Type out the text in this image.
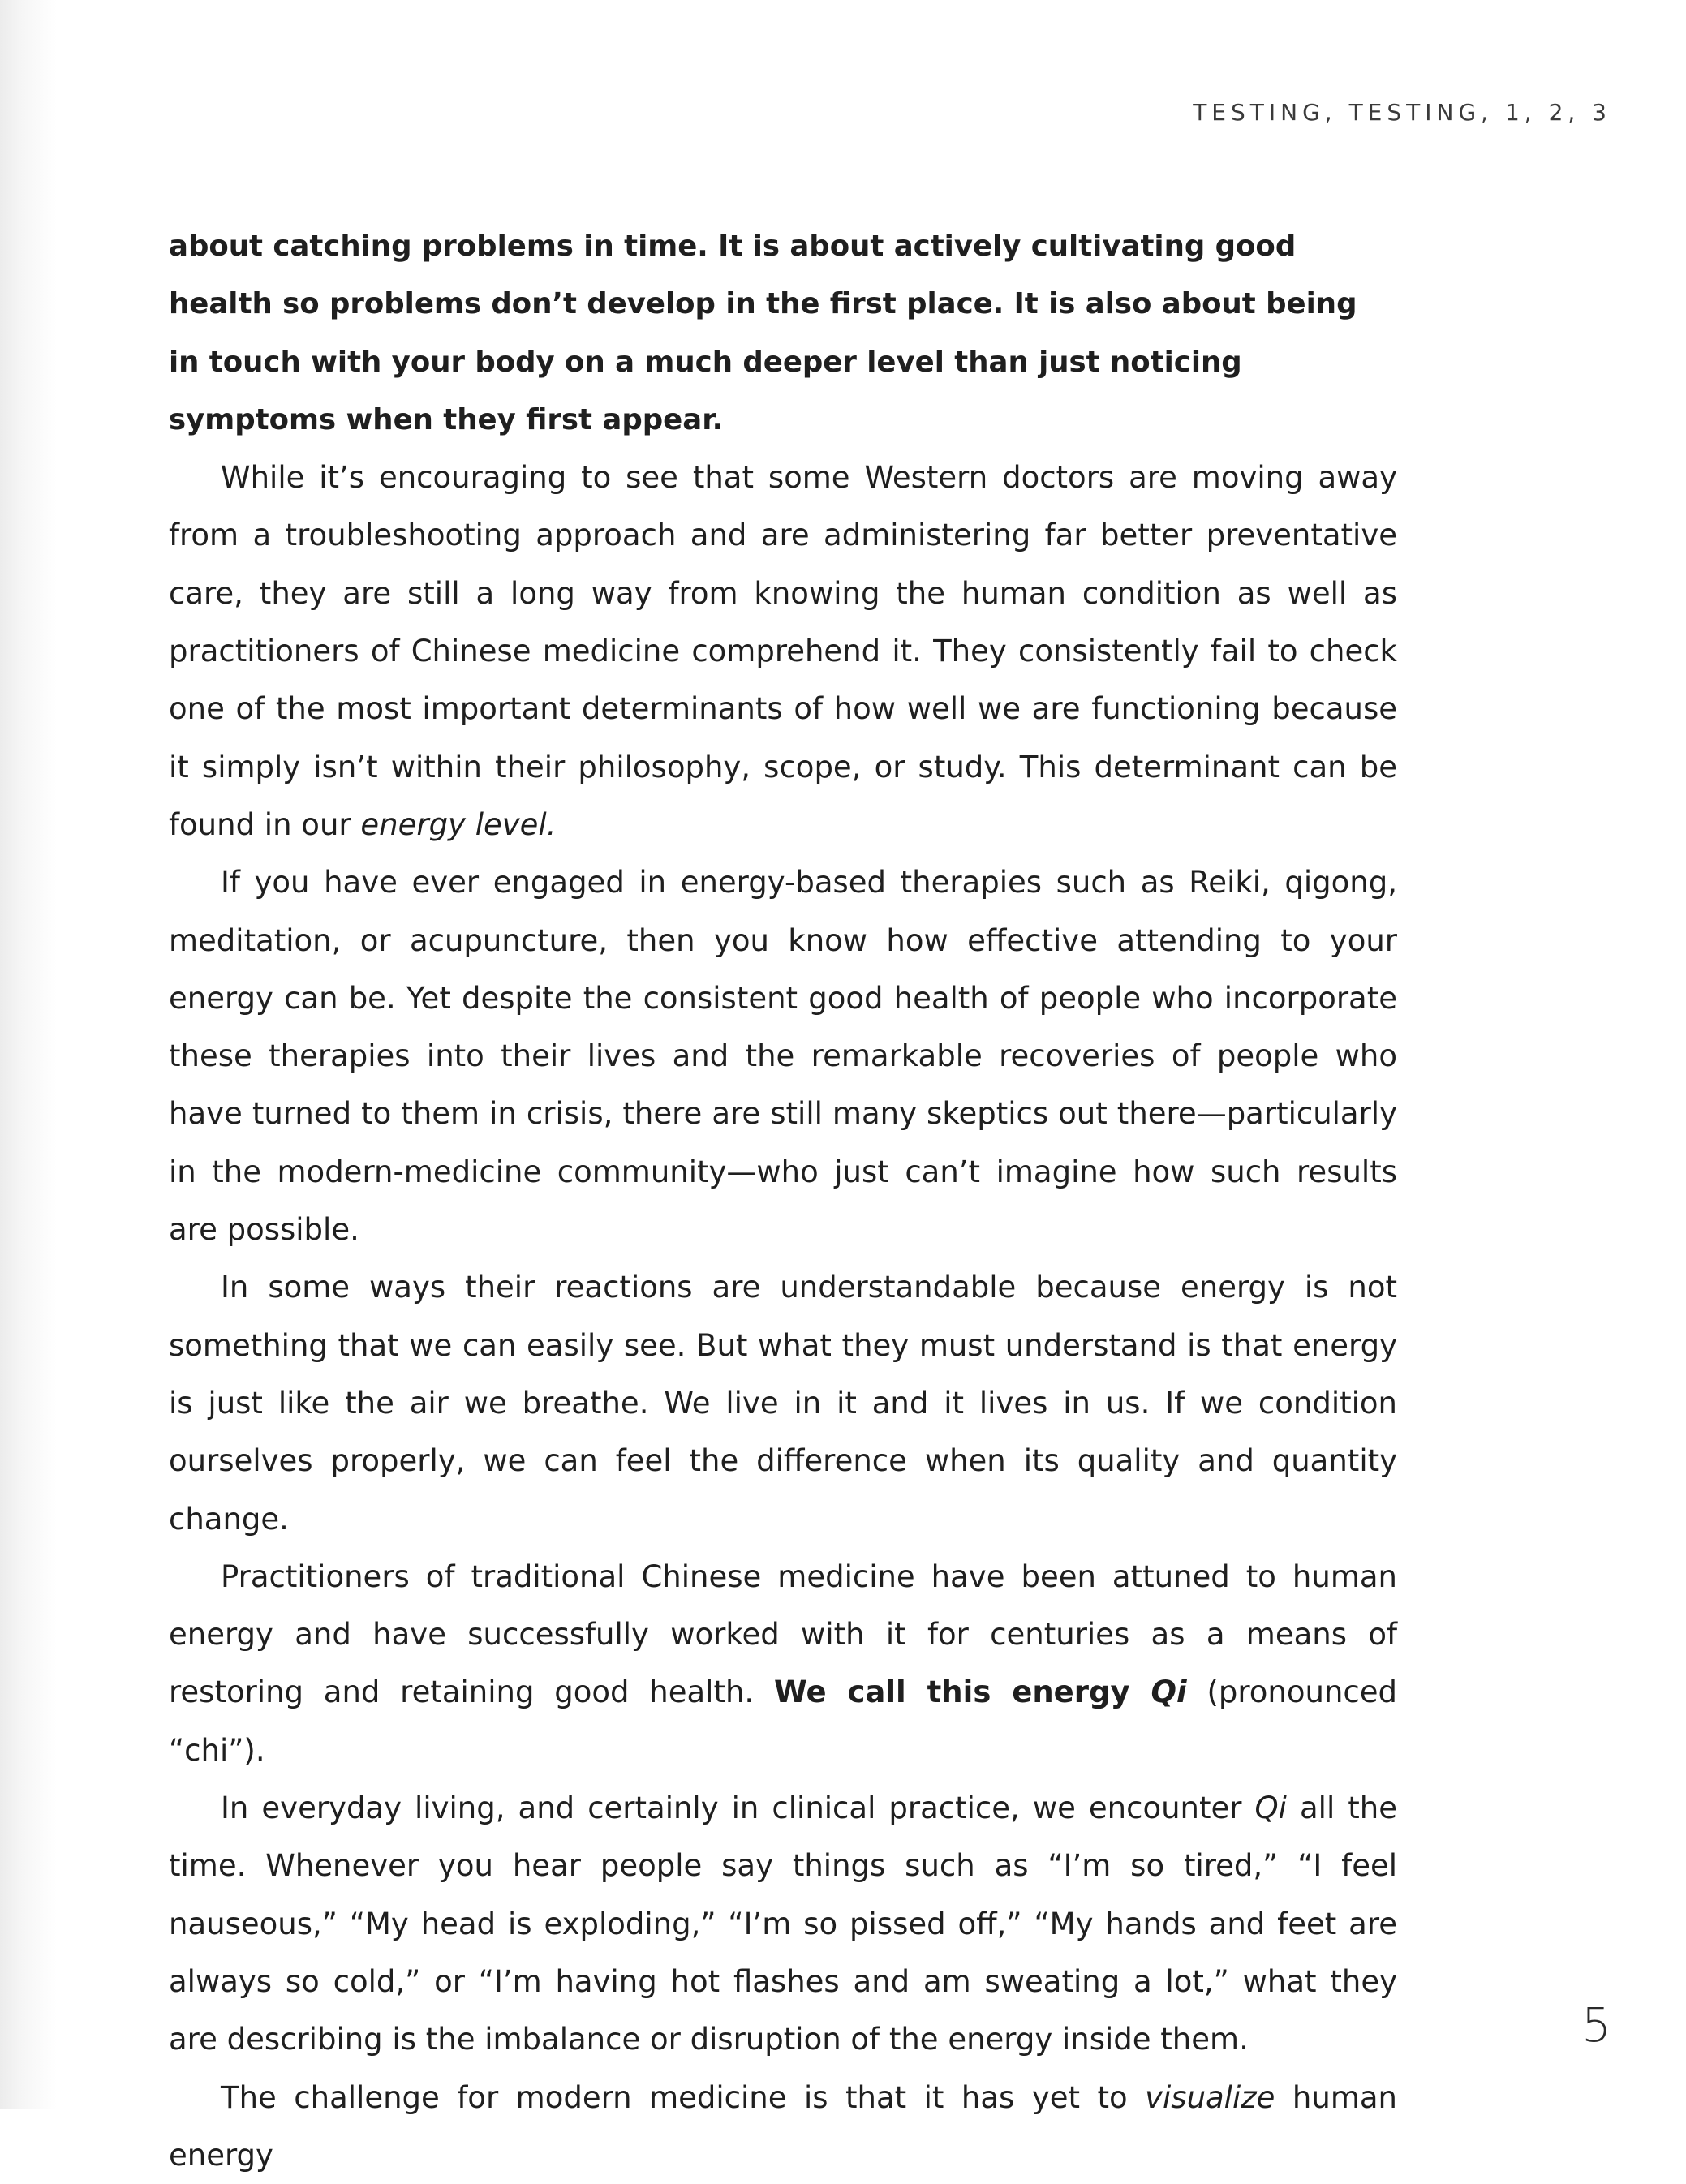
TESTING, TESTING, 1, 2, 3

about catching problems in time. It is about actively cultivating good health so problems don’t develop in the first place. It is also about being in touch with your body on a much deeper level than just noticing symptoms when they first appear.

While it’s encouraging to see that some Western doctors are moving away from a troubleshooting approach and are administering far better preventative care, they are still a long way from knowing the human condition as well as practitioners of Chinese medicine comprehend it. They consistently fail to check one of the most important determinants of how well we are functioning because it simply isn’t within their philosophy, scope, or study. This determinant can be found in our energy level.

If you have ever engaged in energy-based therapies such as Reiki, qigong, meditation, or acupuncture, then you know how effective attending to your energy can be. Yet despite the consistent good health of people who incorporate these therapies into their lives and the remarkable recoveries of people who have turned to them in crisis, there are still many skeptics out there—particularly in the modern-medicine community—who just can’t imagine how such results are possible.

In some ways their reactions are understandable because energy is not something that we can easily see. But what they must understand is that energy is just like the air we breathe. We live in it and it lives in us. If we condition ourselves properly, we can feel the difference when its quality and quantity change.

Practitioners of traditional Chinese medicine have been attuned to human energy and have successfully worked with it for centuries as a means of restoring and retaining good health. We call this energy Qi (pronounced “chi”).

In everyday living, and certainly in clinical practice, we encounter Qi all the time. Whenever you hear people say things such as “I’m so tired,” “I feel nauseous,” “My head is exploding,” “I’m so pissed off,” “My hands and feet are always so cold,” or “I’m having hot flashes and am sweating a lot,” what they are describing is the imbalance or disruption of the energy inside them.

The challenge for modern medicine is that it has yet to visualize human energy

5
